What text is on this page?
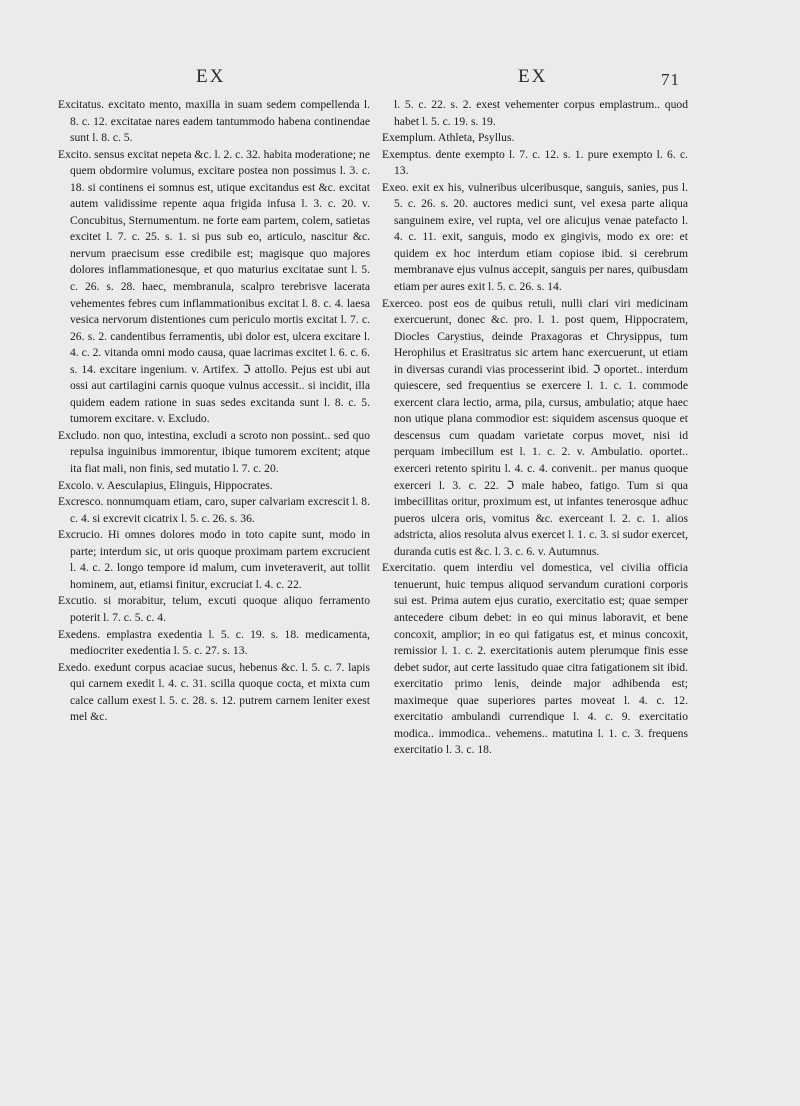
EX	EX	71

Excitatus. excitato mento, maxilla in suam sedem compellenda l. 8. c. 12. excitatae nares eadem tantummodo habena continendae sunt l. 8. c. 5.

Excito. sensus excitat nepeta &c. l. 2. c. 32. habita moderatione; ne quem obdormire volumus, excitare postea non possimus l. 3. c. 18. si continens ei somnus est, utique excitandus est &c. excitat autem validissime repente aqua frigida infusa l. 3. c. 20. v. Concubitus, Sternumentum. ne forte eam partem, colem, satietas excitet l. 7. c. 25. s. 1. si pus sub eo, articulo, nascitur &c. nervum praecisum esse credibile est; magisque quo majores dolores inflammationesque, et quo maturius excitatae sunt l. 5. c. 26. s. 28. haec, membranula, scalpro terebrisve lacerata vehementes febres cum inflammationibus excitat l. 8. c. 4. laesa vesica nervorum distentiones cum periculo mortis excitat l. 7. c. 26. s. 2. candentibus ferramentis, ubi dolor est, ulcera excitare l. 4. c. 2. vitanda omni modo causa, quae lacrimas excitet l. 6. c. 6. s. 14. excitare ingenium. v. Artifex. ℑ attollo. Pejus est ubi aut ossi aut cartilagini carnis quoque vulnus accessit.. si incidit, illa quidem eadem ratione in suas sedes excitanda sunt l. 8. c. 5. tumorem excitare. v. Excludo.

Excludo. non quo, intestina, excludi a scroto non possint.. sed quo repulsa inguinibus immorentur, ibique tumorem excitent; atque ita fiat mali, non finis, sed mutatio l. 7. c. 20.

Excolo. v. Aesculapius, Elinguis, Hippocrates.

Excresco. nonnumquam etiam, caro, super calvariam excrescit l. 8. c. 4. si excrevit cicatrix l. 5. c. 26. s. 36.

Excrucio. Hi omnes dolores modo in toto capite sunt, modo in parte; interdum sic, ut oris quoque proximam partem excrucient l. 4. c. 2. longo tempore id malum, cum inveteraverit, aut tollit hominem, aut, etiamsi finitur, excruciat l. 4. c. 22.

Excutio. si morabitur, telum, excuti quoque aliquo ferramento poterit l. 7. c. 5. c. 4.

Exedens. emplastra exedentia l. 5. c. 19. s. 18. medicamenta, mediocriter exedentia l. 5. c. 27. s. 13.

Exedo. exedunt corpus acaciae sucus, hebenus &c. l. 5. c. 7. lapis qui carnem exedit l. 4. c. 31. scilla quoque cocta, et mixta cum calce callum exest l. 5. c. 28. s. 12. putrem carnem leniter exest mel &c.

l. 5. c. 22. s. 2. exest vehementer corpus emplastrum.. quod habet l. 5. c. 19. s. 19.

Exemplum. Athleta, Psyllus.

Exemptus. dente exempto l. 7. c. 12. s. 1. pure exempto l. 6. c. 13.

Exeo. exit ex his, vulneribus ulceribusque, sanguis, sanies, pus l. 5. c. 26. s. 20. auctores medici sunt, vel exesa parte aliqua sanguinem exire, vel rupta, vel ore alicujus venae patefacto l. 4. c. 11. exit, sanguis, modo ex gingivis, modo ex ore: et quidem ex hoc interdum etiam copiose ibid. si cerebrum membranave ejus vulnus accepit, sanguis per nares, quibusdam etiam per aures exit l. 5. c. 26. s. 14.

Exerceo. post eos de quibus retuli, nulli clari viri medicinam exercuerunt, donec &c. pro. l. 1. post quem, Hippocratem, Diocles Carystius, deinde Praxagoras et Chrysippus, tum Herophilus et Erasitratus sic artem hanc exercuerunt, ut etiam in diversas curandi vias processerint ibid. ℑ oportet.. interdum quiescere, sed frequentius se exercere l. 1. c. 1. commode exercent clara lectio, arma, pila, cursus, ambulatio; atque haec non utique plana commodior est: siquidem ascensus quoque et descensus cum quadam varietate corpus movet, nisi id perquam imbecillum est l. 1. c. 2. v. Ambulatio. oportet.. exerceri retento spiritu l. 4. c. 4. convenit.. per manus quoque exerceri l. 3. c. 22. ℑ male habeo, fatigo. Tum si qua imbecillitas oritur, proximum est, ut infantes tenerosque adhuc pueros ulcera oris, vomitus &c. exerceant l. 2. c. 1. alios adstricta, alios resoluta alvus exercet l. 1. c. 3. si sudor exercet, duranda cutis est &c. l. 3. c. 6. v. Autumnus.

Exercitatio. quem interdiu vel domestica, vel civilia officia tenuerunt, huic tempus aliquod servandum curationi corporis sui est. Prima autem ejus curatio, exercitatio est; quae semper antecedere cibum debet: in eo qui minus laboravit, et bene concoxit, amplior; in eo qui fatigatus est, et minus concoxit, remissior l. 1. c. 2. exercitationis autem plerumque finis esse debet sudor, aut certe lassitudo quae citra fatigationem sit ibid. exercitatio primo lenis, deinde major adhibenda est; maximeque quae superiores partes moveat l. 4. c. 12. exercitatio ambulandi currendique l. 4. c. 9. exercitatio modica.. immodica.. vehemens.. matutina l. 1. c. 3. frequens exercitatio l. 3. c. 18.
